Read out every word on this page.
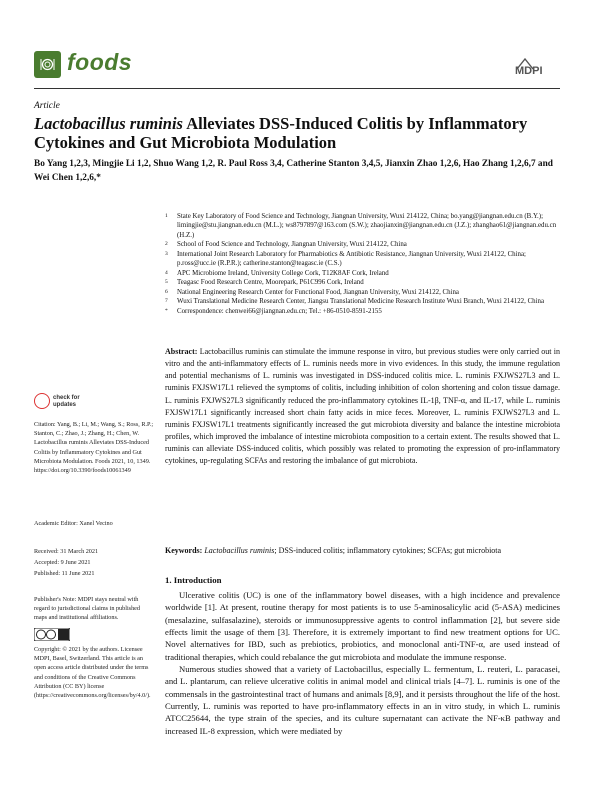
foods	MDPI
Article
Lactobacillus ruminis Alleviates DSS-Induced Colitis by Inflammatory Cytokines and Gut Microbiota Modulation
Bo Yang 1,2,3, Mingjie Li 1,2, Shuo Wang 1,2, R. Paul Ross 3,4, Catherine Stanton 3,4,5, Jianxin Zhao 1,2,6, Hao Zhang 1,2,6,7 and Wei Chen 1,2,6,*
1 State Key Laboratory of Food Science and Technology, Jiangnan University, Wuxi 214122, China; bo.yang@jiangnan.edu.cn (B.Y.); limingjie@stu.jiangnan.edu.cn (M.L.); ws8797897@163.com (S.W.); zhaojianxin@jiangnan.edu.cn (J.Z.); zhanghao61@jiangnan.edu.cn (H.Z.)
2 School of Food Science and Technology, Jiangnan University, Wuxi 214122, China
3 International Joint Research Laboratory for Pharmabiotics & Antibiotic Resistance, Jiangnan University, Wuxi 214122, China; p.ross@ucc.ie (R.P.R.); catherine.stanton@teagasc.ie (C.S.)
4 APC Microbiome Ireland, University College Cork, T12K8AF Cork, Ireland
5 Teagasc Food Research Centre, Moorepark, P61C996 Cork, Ireland
6 National Engineering Research Center for Functional Food, Jiangnan University, Wuxi 214122, China
7 Wuxi Translational Medicine Research Center, Jiangsu Translational Medicine Research Institute Wuxi Branch, Wuxi 214122, China
* Correspondence: chenwei66@jiangnan.edu.cn; Tel.: +86-0510-8591-2155
check for
updates
Citation: Yang, B.; Li, M.; Wang, S.; Ross, R.P.; Stanton, C.; Zhao, J.; Zhang, H.; Chen, W. Lactobacillus ruminis Alleviates DSS-Induced Colitis by Inflammatory Cytokines and Gut Microbiota Modulation. Foods 2021, 10, 1349. https://doi.org/10.3390/foods10061349
Academic Editor: Xanel Vecino
Received: 31 March 2021
Accepted: 9 June 2021
Published: 11 June 2021
Publisher's Note: MDPI stays neutral with regard to jurisdictional claims in published maps and institutional affiliations.
Copyright: © 2021 by the authors. Licensee MDPI, Basel, Switzerland. This article is an open access article distributed under the terms and conditions of the Creative Commons Attribution (CC BY) license (https://creativecommons.org/licenses/by/4.0/).
Abstract: Lactobacillus ruminis can stimulate the immune response in vitro, but previous studies were only carried out in vitro and the anti-inflammatory effects of L. ruminis needs more in vivo evidences. In this study, the immune regulation and potential mechanisms of L. ruminis was investigated in DSS-induced colitis mice. L. ruminis FXJWS27L3 and L. ruminis FXJSW17L1 relieved the symptoms of colitis, including inhibition of colon shortening and colon tissue damage. L. ruminis FXJWS27L3 significantly reduced the pro-inflammatory cytokines IL-1β, TNF-α, and IL-17, while L. ruminis FXJSW17L1 significantly increased short chain fatty acids in mice feces. Moreover, L. ruminis FXJWS27L3 and L. ruminis FXJSW17L1 treatments significantly increased the gut microbiota diversity and balance the intestine microbiota profiles, which improved the imbalance of intestine microbiota composition to a certain extent. The results showed that L. ruminis can alleviate DSS-induced colitis, which possibly was related to promoting the expression of pro-inflammatory cytokines, up-regulating SCFAs and restoring the imbalance of gut microbiota.
Keywords: Lactobacillus ruminis; DSS-induced colitis; inflammatory cytokines; SCFAs; gut microbiota
1. Introduction

Ulcerative colitis (UC) is one of the inflammatory bowel diseases, with a high incidence and prevalence worldwide [1]. At present, routine therapy for most patients is to use 5-aminosalicylic acid (5-ASA) medicines (mesalazine, sulfasalazine), steroids or immunosuppressive agents to control inflammation [2], but severe side effects limit the usage of them [3]. Therefore, it is extremely important to find new treatment options for UC. Novel alternatives for IBD, such as prebiotics, probiotics, and monoclonal anti-TNF-α, are used instead of traditional therapies, which could rebalance the gut microbiota and modulate the immune response.

Numerous studies showed that a variety of Lactobacillus, especially L. fermentum, L. reuteri, L. paracasei, and L. plantarum, can relieve ulcerative colitis in animal model and clinical trials [4–7]. L. ruminis is one of the commensals in the gastrointestinal tract of humans and animals [8,9], and it persists throughout the life of the host. Currently, L. ruminis was reported to have pro-inflammatory effects in an in vitro study, in which L. ruminis ATCC25644, the type strain of the species, and its culture supernatant can activate the NF-κB pathway and increased IL-8 expression, which were mediated by
